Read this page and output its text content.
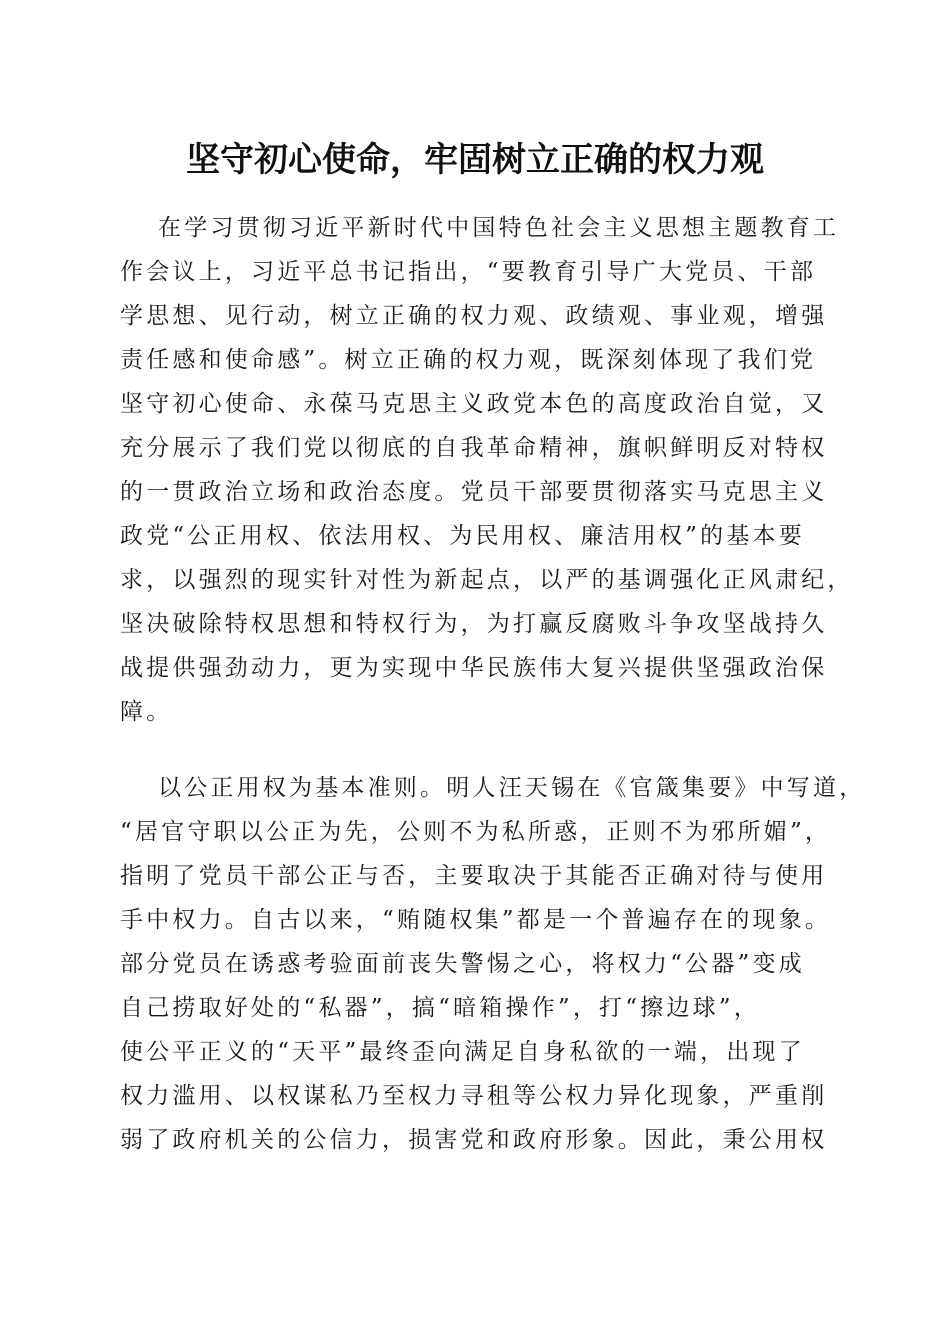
坚守初心使命，牢固树立正确的权力观
在学习贯彻习近平新时代中国特色社会主义思想主题教育工
作会议上，习近平总书记指出，“要教育引导广大党员、干部
学思想、见行动，树立正确的权力观、政绩观、事业观，增强
责任感和使命感”。树立正确的权力观，既深刻体现了我们党
坚守初心使命、永葆马克思主义政党本色的高度政治自觉，又
充分展示了我们党以彻底的自我革命精神，旗帜鲜明反对特权
的一贯政治立场和政治态度。党员干部要贯彻落实马克思主义
政党“公正用权、依法用权、为民用权、廉洁用权”的基本要
求，以强烈的现实针对性为新起点，以严的基调强化正风肃纪，
坚决破除特权思想和特权行为，为打赢反腐败斗争攻坚战持久
战提供强劲动力，更为实现中华民族伟大复兴提供坚强政治保
障。
以公正用权为基本准则。明人汪天锡在《官箴集要》中写道，
“居官守职以公正为先，公则不为私所惑，正则不为邪所媚”，
指明了党员干部公正与否，主要取决于其能否正确对待与使用
手中权力。自古以来，“贿随权集”都是一个普遍存在的现象。
部分党员在诱惑考验面前丧失警惕之心，将权力“公器”变成
自己捞取好处的“私器”，搞“暗箱操作”，打“擦边球”，
使公平正义的“天平”最终歪向满足自身私欲的一端，出现了
权力滥用、以权谋私乃至权力寻租等公权力异化现象，严重削
弱了政府机关的公信力，损害党和政府形象。因此，秉公用权
